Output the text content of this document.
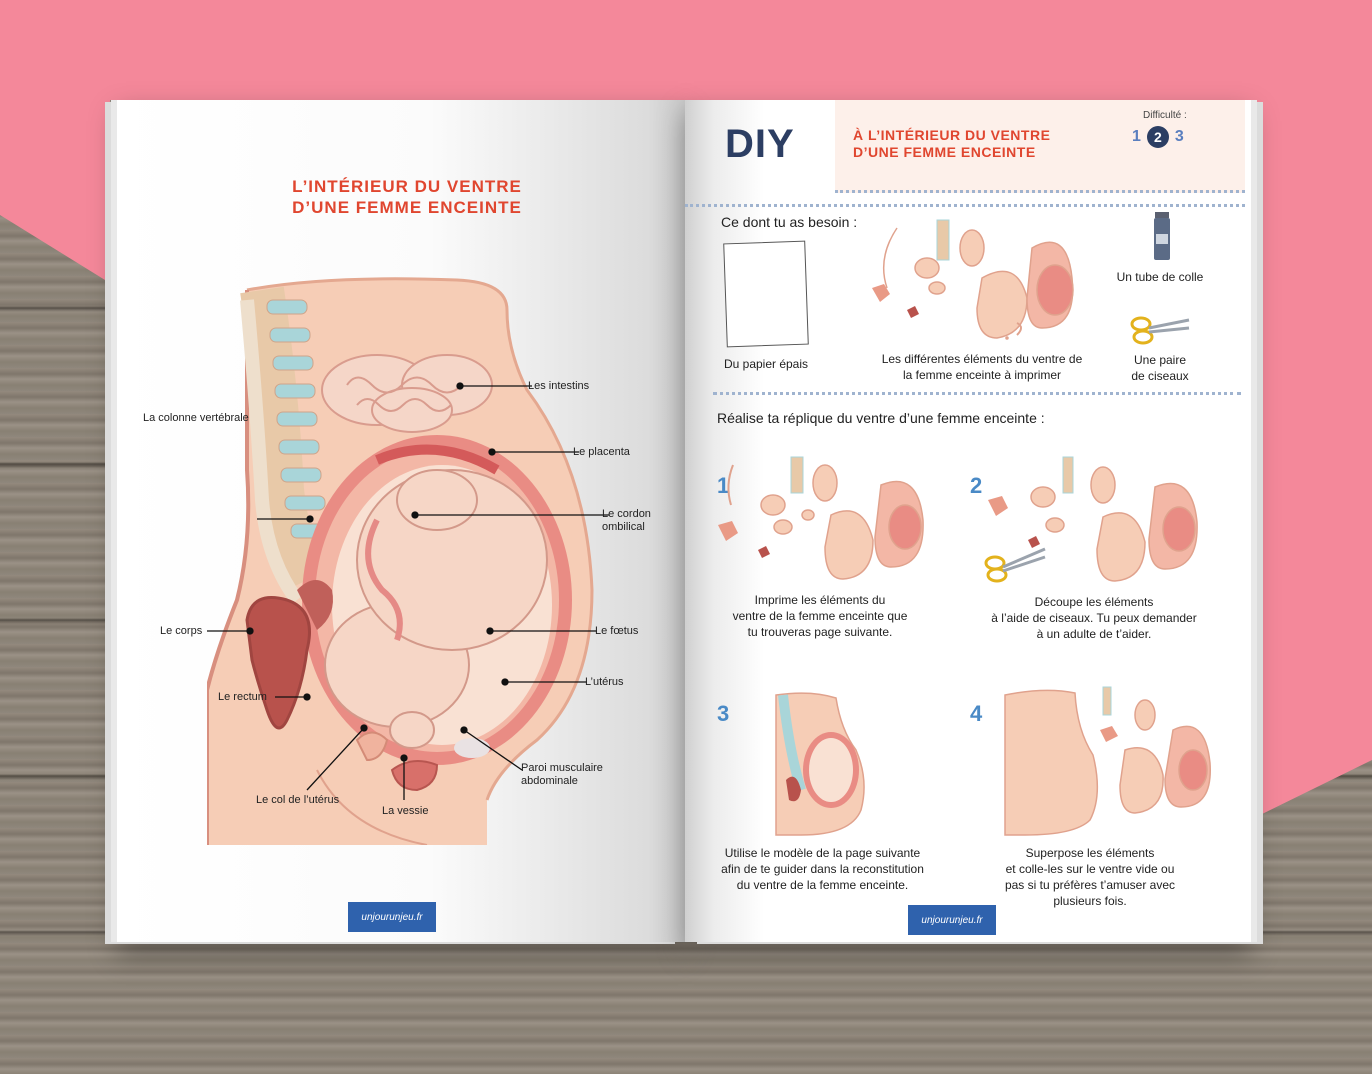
L’INTÉRIEUR DU VENTRE
D’UNE FEMME ENCEINTE
Les intestins
La colonne vertébrale
Le placenta
Le cordon
ombilical
Le corps	Le fœtus
Le rectum
L’utérus
Paroi musculaire
abdominale
Le col de l’utérus
La vessie
unjourunjeu.fr
DIY	À L’INTÉRIEUR DU VENTRE
D’UNE FEMME ENCEINTE
Difficulté :
1 2 3
Ce dont tu as besoin :
Du papier épais	Les différentes éléments du ventre de
la femme enceinte à imprimer
Un tube de colle
Une paire
de ciseaux
Réalise ta réplique du ventre d’une femme enceinte :
1
Imprime les éléments du
ventre de la femme enceinte que
tu trouveras page suivante.
2
Découpe les éléments
à l’aide de ciseaux. Tu peux demander
à un adulte de t’aider.
3
Utilise le modèle de la page suivante
afin de te guider dans la reconstitution
du ventre de la femme enceinte.
4
Superpose les éléments
et colle-les sur le ventre vide ou
pas si tu préfères t’amuser avec
plusieurs fois.
unjourunjeu.fr
